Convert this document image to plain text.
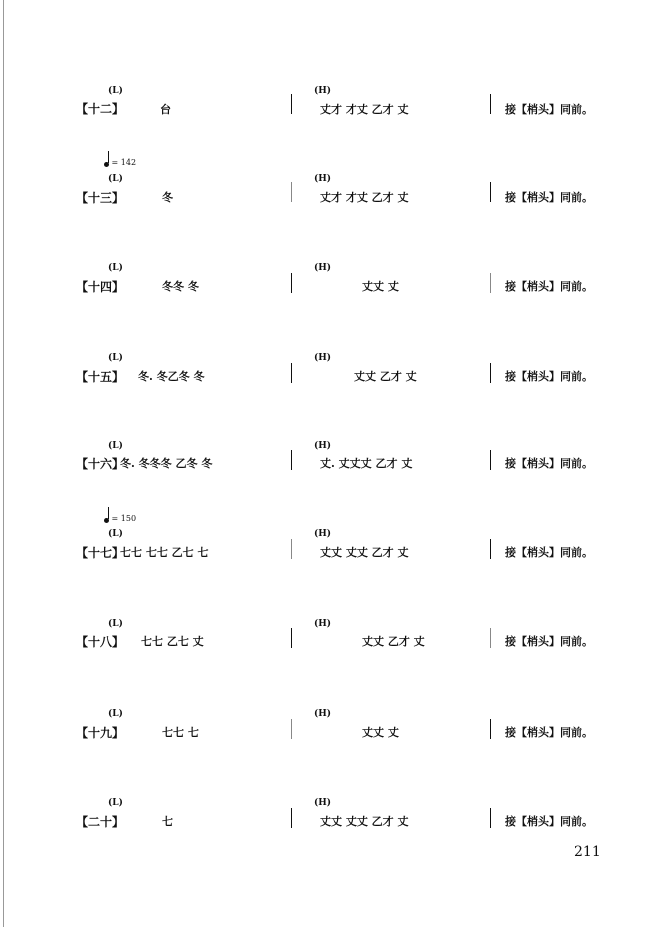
(L)
【十二】	台
(H)
丈才 才丈 乙才 丈	接【梢头】同前。
= 142
(L)
【十三】	冬
(H)
丈才 才丈 乙才 丈	接【梢头】同前。
(L)
【十四】	冬冬 冬
(H)
丈丈 丈	接【梢头】同前。
(L)
【十五】 冬. 冬乙冬 冬
(H)
丈丈 乙才 丈	接【梢头】同前。
(L)
【十六】
冬. 冬冬冬 乙冬 冬
(H)
丈. 丈丈丈 乙才 丈	接【梢头】同前。
= 150
(L)
【十七】
七七 七七 乙七 七
(H)
丈丈 丈丈 乙才 丈	接【梢头】同前。
(L)
【十八】 七七 乙七 丈
(H)
丈丈 乙才 丈	接【梢头】同前。
(L)
【十九】	七七 七
(H)
丈丈 丈	接【梢头】同前。
(L)
【二十】	七
(H)
丈丈 丈丈 乙才 丈	接【梢头】同前。
211
